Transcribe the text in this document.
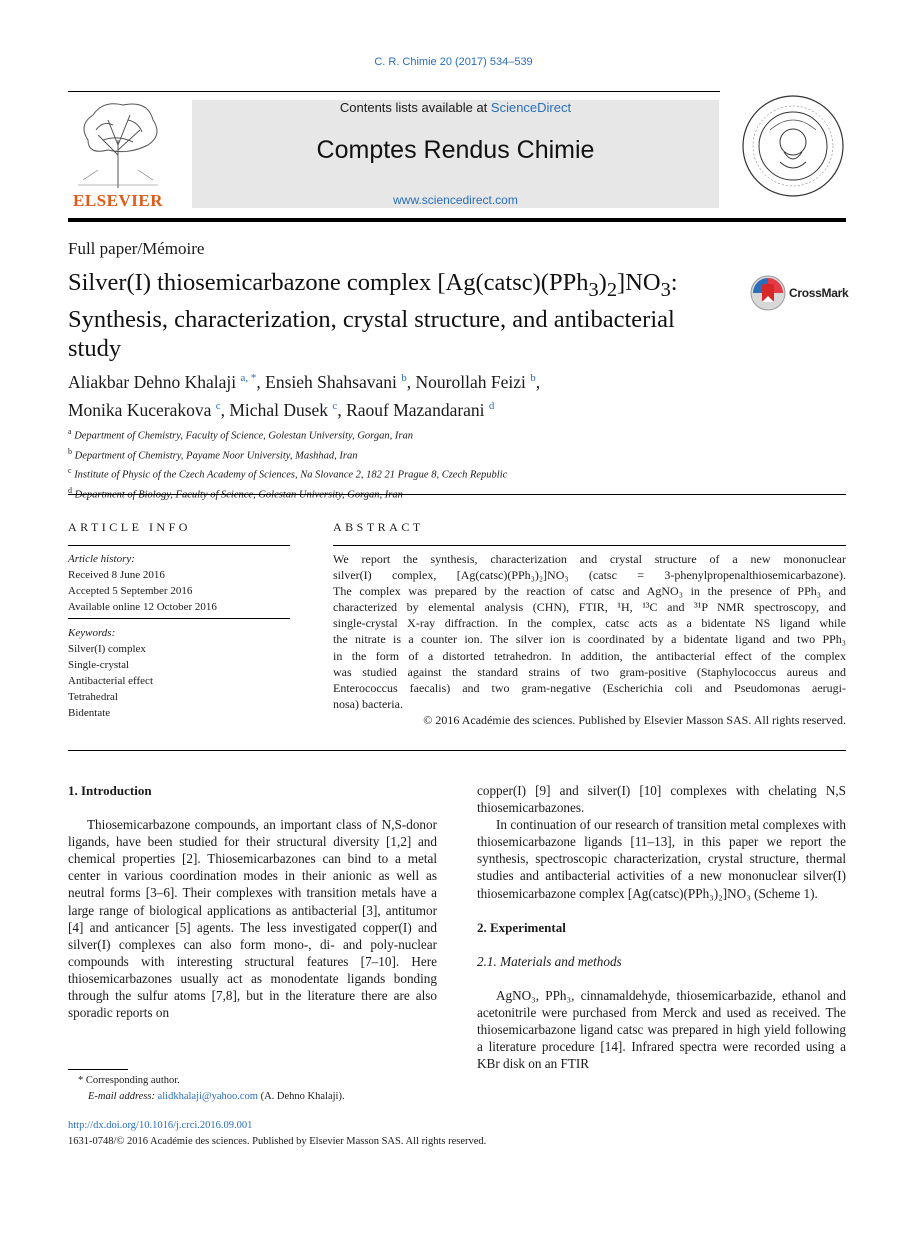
C. R. Chimie 20 (2017) 534–539
ELSEVIER
Contents lists available at ScienceDirect
Comptes Rendus Chimie
www.sciencedirect.com
Full paper/Mémoire
Silver(I) thiosemicarbazone complex $[Ag(catsc)(PPh_3)_2]NO_3$: Synthesis, characterization, crystal structure, and antibacterial study
CrossMark
Aliakbar Dehno Khalaji $^{a, *}$, Ensieh Shahsavani $^b$, Nourollah Feizi $^b$,
Monika Kucerakova $^c$, Michal Dusek $^c$, Raouf Mazandarani $^d$
$^a$ Department of Chemistry, Faculty of Science, Golestan University, Gorgan, Iran
$^b$ Department of Chemistry, Payame Noor University, Mashhad, Iran
$^c$ Institute of Physic of the Czech Academy of Sciences, Na Slovance 2, 182 21 Prague 8, Czech Republic
$^d$
ARTICLE INFO
Article history:
Received 8 June 2016
Accepted 5 September 2016
Available online 12 October 2016
Keywords:
Silver(I) complex
Single-crystal
Antibacterial effect
Tetrahedral
Bidentate
ABSTRACT
We report the synthesis, characterization and crystal structure of a new mononuclear
silver(I) complex, [Ag(catsc)(PPh₃)₂]NO₃ (catsc = 3-phenylpropenalthiosemicarbazone).
The complex was prepared by the reaction of catsc and AgNO₃ in the presence of PPh₃ and
characterized by elemental analysis (CHN), FTIR, ¹H, ¹³C and ³¹P NMR spectroscopy, and
single-crystal X-ray diffraction. In the complex, catsc acts as a bidentate NS ligand while
the nitrate is a counter ion. The silver ion is coordinated by a bidentate ligand and two PPh₃
in the form of a distorted tetrahedron. In addition, the antibacterial effect of the complex
was studied against the standard strains of two gram-positive (Staphylococcus aureus and
Enterococcus faecalis) and two gram-negative (Escherichia coli and Pseudomonas aerugi-
nosa) bacteria.
© 2016 Académie des sciences. Published by Elsevier Masson SAS. All rights reserved.

1. Introduction

Thiosemicarbazone compounds, an important class of N,S-donor ligands, have been studied for their structural diversity [1,2] and chemical properties [2]. Thiosemicarbazones can bind to a metal center in various coordination modes in their anionic as well as neutral forms [3–6]. Their complexes with transition metals have a large range of biological applications as antibacterial [3], antitumor [4] and anticancer [5] agents. The less investigated copper(I) and silver(I) complexes can also form mono-, di- and poly-nuclear compounds with interesting structural features [7–10]. Here thiosemicarbazones usually act as monodentate ligands bonding through the sulfur atoms [7,8], but in the literature there are also sporadic reports on

copper(I) [9] and silver(I) [10] complexes with chelating N,S thiosemicarbazones.

In continuation of our research of transition metal complexes with thiosemicarbazone ligands [11–13], in this paper we report the synthesis, spectroscopic characterization, crystal structure, thermal studies and antibacterial activities of a new mononuclear silver(I) thiosemicarbazone complex [Ag(catsc)(PPh₃)₂]NO₃ (Scheme 1).

2. Experimental

2.1. Materials and methods

AgNO₃, PPh₃, cinnamaldehyde, thiosemicarbazide, ethanol and acetonitrile were purchased from Merck and used as received. The thiosemicarbazone ligand catsc was prepared in high yield following a literature procedure [14]. Infrared spectra were recorded using a KBr disk on an FTIR

* Corresponding author.
E-mail address: alidkhalaji@yahoo.com (A. Dehno Khalaji).
http://dx.doi.org/10.1016/j.crci.2016.09.001
1631-0748/© 2016 Académie des sciences. Published by Elsevier Masson SAS. All rights reserved.
